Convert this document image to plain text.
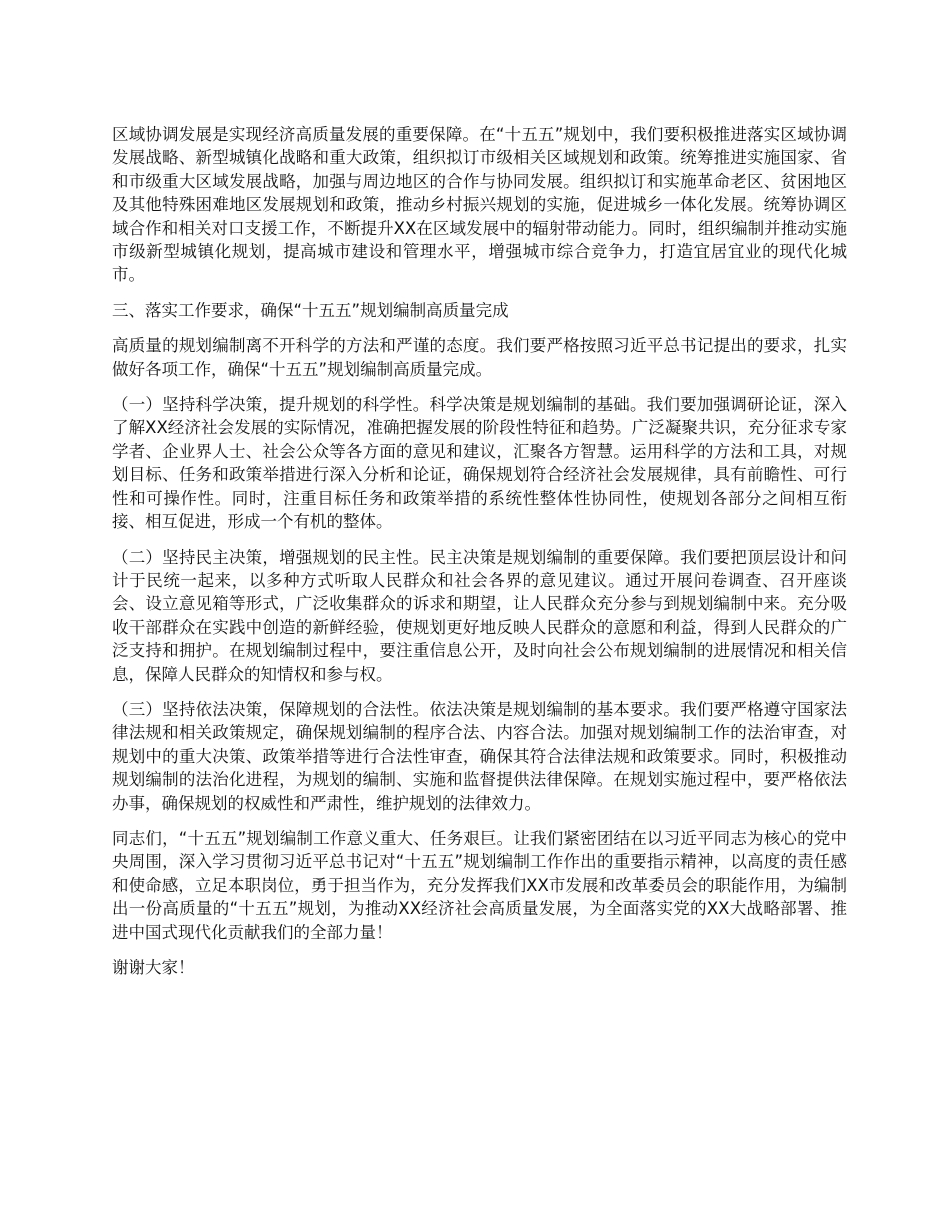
区域协调发展是实现经济高质量发展的重要保障。在“十五五”规划中，我们要积极推进落实区域协调发展战略、新型城镇化战略和重大政策，组织拟订市级相关区域规划和政策。统筹推进实施国家、省和市级重大区域发展战略，加强与周边地区的合作与协同发展。组织拟订和实施革命老区、贫困地区及其他特殊困难地区发展规划和政策，推动乡村振兴规划的实施，促进城乡一体化发展。统筹协调区域合作和相关对口支援工作，不断提升XX在区域发展中的辐射带动能力。同时，组织编制并推动实施市级新型城镇化规划，提高城市建设和管理水平，增强城市综合竞争力，打造宜居宜业的现代化城市。

三、落实工作要求，确保“十五五”规划编制高质量完成

高质量的规划编制离不开科学的方法和严谨的态度。我们要严格按照习近平总书记提出的要求，扎实做好各项工作，确保“十五五”规划编制高质量完成。

（一）坚持科学决策，提升规划的科学性。科学决策是规划编制的基础。我们要加强调研论证，深入了解XX经济社会发展的实际情况，准确把握发展的阶段性特征和趋势。广泛凝聚共识，充分征求专家学者、企业界人士、社会公众等各方面的意见和建议，汇聚各方智慧。运用科学的方法和工具，对规划目标、任务和政策举措进行深入分析和论证，确保规划符合经济社会发展规律，具有前瞻性、可行性和可操作性。同时，注重目标任务和政策举措的系统性整体性协同性，使规划各部分之间相互衔接、相互促进，形成一个有机的整体。

（二）坚持民主决策，增强规划的民主性。民主决策是规划编制的重要保障。我们要把顶层设计和问计于民统一起来，以多种方式听取人民群众和社会各界的意见建议。通过开展问卷调查、召开座谈会、设立意见箱等形式，广泛收集群众的诉求和期望，让人民群众充分参与到规划编制中来。充分吸收干部群众在实践中创造的新鲜经验，使规划更好地反映人民群众的意愿和利益，得到人民群众的广泛支持和拥护。在规划编制过程中，要注重信息公开，及时向社会公布规划编制的进展情况和相关信息，保障人民群众的知情权和参与权。

（三）坚持依法决策，保障规划的合法性。依法决策是规划编制的基本要求。我们要严格遵守国家法律法规和相关政策规定，确保规划编制的程序合法、内容合法。加强对规划编制工作的法治审查，对规划中的重大决策、政策举措等进行合法性审查，确保其符合法律法规和政策要求。同时，积极推动规划编制的法治化进程，为规划的编制、实施和监督提供法律保障。在规划实施过程中，要严格依法办事，确保规划的权威性和严肃性，维护规划的法律效力。

同志们，“十五五”规划编制工作意义重大、任务艰巨。让我们紧密团结在以习近平同志为核心的党中央周围，深入学习贯彻习近平总书记对“十五五”规划编制工作作出的重要指示精神，以高度的责任感和使命感，立足本职岗位，勇于担当作为，充分发挥我们XX市发展和改革委员会的职能作用，为编制出一份高质量的“十五五”规划，为推动XX经济社会高质量发展，为全面落实党的XX大战略部署、推进中国式现代化贡献我们的全部力量！

谢谢大家！
